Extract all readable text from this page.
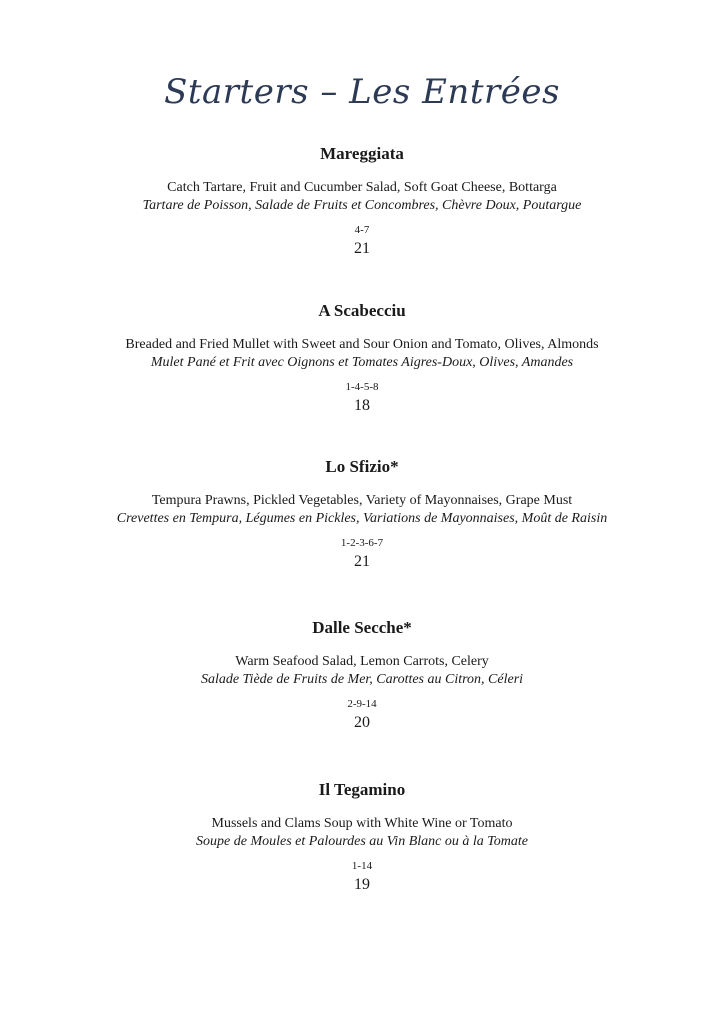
Starters – Les Entrées
Mareggiata
Catch Tartare, Fruit and Cucumber Salad, Soft Goat Cheese, Bottarga
Tartare de Poisson, Salade de Fruits et Concombres, Chèvre Doux, Poutargue
4-7
21
A Scabecciu
Breaded and Fried Mullet with Sweet and Sour Onion and Tomato, Olives, Almonds
Mulet Pané et Frit avec Oignons et Tomates Aigres-Doux, Olives, Amandes
1-4-5-8
18
Lo Sfizio*
Tempura Prawns, Pickled Vegetables, Variety of Mayonnaises, Grape Must
Crevettes en Tempura, Légumes en Pickles, Variations de Mayonnaises, Moût de Raisin
1-2-3-6-7
21
Dalle Secche*
Warm Seafood Salad, Lemon Carrots, Celery
Salade Tiède de Fruits de Mer, Carottes au Citron, Céleri
2-9-14
20
Il Tegamino
Mussels and Clams Soup with White Wine or Tomato
Soupe de Moules et Palourdes au Vin Blanc ou à la Tomate
1-14
19
